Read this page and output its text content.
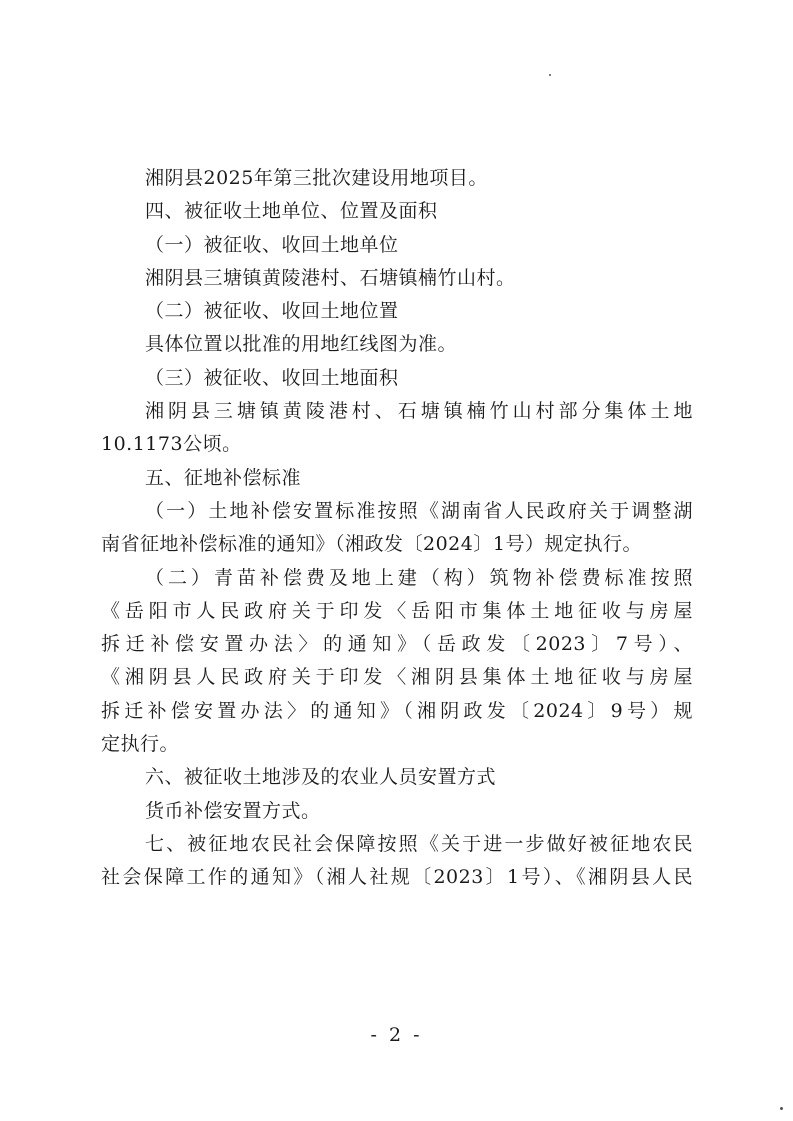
湘阴县2025年第三批次建设用地项目。
四、被征收土地单位、位置及面积
（一）被征收、收回土地单位
湘阴县三塘镇黄陵港村、石塘镇楠竹山村。
（二）被征收、收回土地位置
具体位置以批准的用地红线图为准。
（三）被征收、收回土地面积
湘阴县三塘镇黄陵港村、石塘镇楠竹山村部分集体土地
10.1173公顷。
五、征地补偿标准
（一）土地补偿安置标准按照《湖南省人民政府关于调整湖
南省征地补偿标准的通知》（湘政发〔2024〕1号）规定执行。
（二）青苗补偿费及地上建（构）筑物补偿费标准按照
《岳阳市人民政府关于印发〈岳阳市集体土地征收与房屋
拆迁补偿安置办法〉的通知》（岳政发〔2023〕7号）、
《湘阴县人民政府关于印发〈湘阴县集体土地征收与房屋
拆迁补偿安置办法〉的通知》（湘阴政发〔2024〕9号）规
定执行。
六、被征收土地涉及的农业人员安置方式
货币补偿安置方式。
七、被征地农民社会保障按照《关于进一步做好被征地农民
社会保障工作的通知》（湘人社规〔2023〕1号）、《湘阴县人民
- 2 -
